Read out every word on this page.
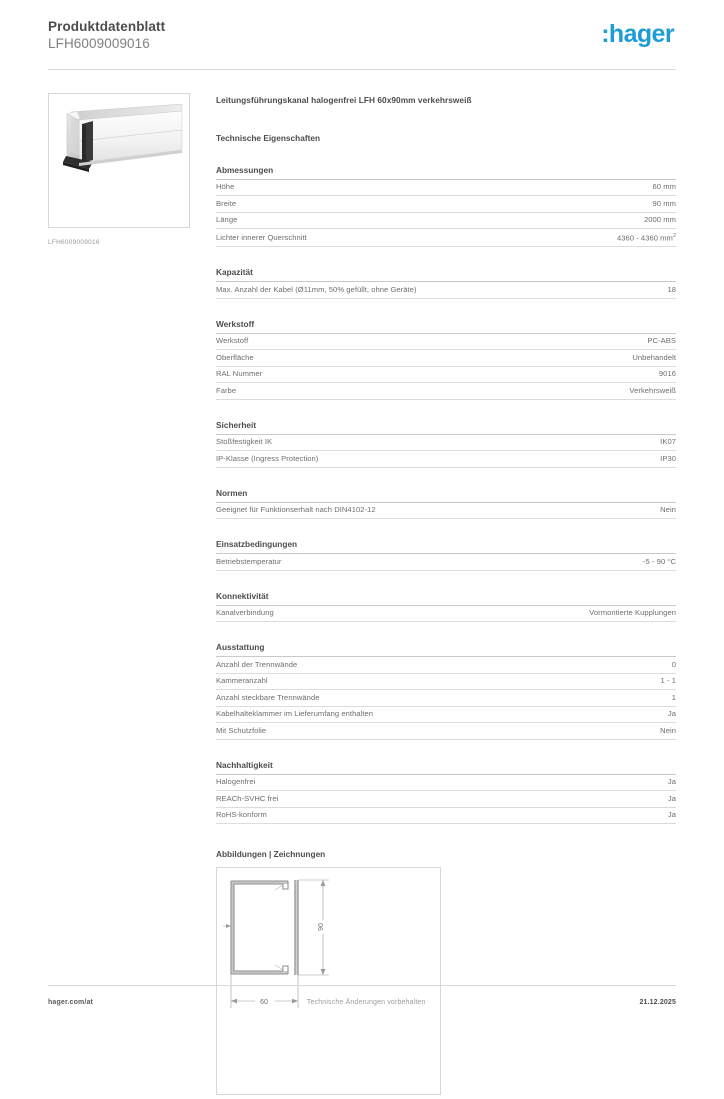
Produktdatenblatt
LFH6009009016	:hager
LFH6009009016
Leitungsführungskanal halogenfrei LFH 60x90mm verkehrsweiß
Technische Eigenschaften
Abmessungen
Höhe	60 mm
Breite	90 mm
Länge	2000 mm
Lichter innerer Querschnitt	4360 - 4360 $mm^2$
Kapazität
Max. Anzahl der Kabel (Ø11mm, 50% gefüllt, ohne Geräte)	18
Werkstoff
Werkstoff	PC-ABS
Oberfläche	Unbehandelt
RAL Nummer	9016
Farbe	Verkehrsweiß
Sicherheit
Stoßfestigkeit IK	IK07
IP-Klasse (Ingress Protection)	IP30
Normen
Geeignet für Funktionserhalt nach DIN4102-12	Nein
Einsatzbedingungen
Betriebstemperatur	-5 - 90 °C
Konnektivität
Kanalverbindung	Vormontierte Kupplungen
Ausstattung
Anzahl der Trennwände	0
Kammeranzahl	1 - 1
Anzahl steckbare Trennwände	1
Kabelhalteklammer im Lieferumfang enthalten	Ja
Mit Schutzfolie	Nein
Nachhaltigkeit
Halogenfrei	Ja
REACh-SVHC frei	Ja
RoHS-konform	Ja
Abbildungen | Zeichnungen
90
60
hager.com/at	Technische Änderungen vorbehalten	21.12.2025
